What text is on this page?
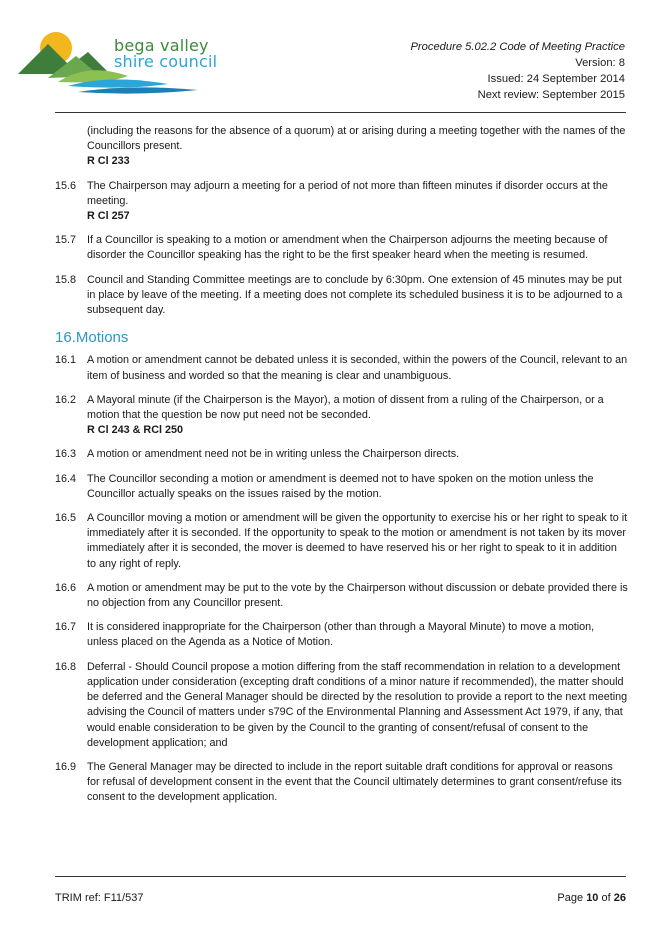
bega valley
shire council
Procedure 5.02.2 Code of Meeting Practice
Version: 8
Issued: 24 September 2014
Next review: September 2015
(including the reasons for the absence of a quorum) at or arising during a meeting together with the names of the Councillors present.
R Cl 233
15.6 The Chairperson may adjourn a meeting for a period of not more than fifteen minutes if disorder occurs at the meeting.
R Cl 257
15.7 If a Councillor is speaking to a motion or amendment when the Chairperson adjourns the meeting because of disorder the Councillor speaking has the right to be the first speaker heard when the meeting is resumed.
15.8 Council and Standing Committee meetings are to conclude by 6:30pm. One extension of 45 minutes may be put in place by leave of the meeting. If a meeting does not complete its scheduled business it is to be adjourned to a subsequent day.
16.Motions
16.1 A motion or amendment cannot be debated unless it is seconded, within the powers of the Council, relevant to an item of business and worded so that the meaning is clear and unambiguous.
16.2 A Mayoral minute (if the Chairperson is the Mayor), a motion of dissent from a ruling of the Chairperson, or a motion that the question be now put need not be seconded.
R Cl 243 & RCl 250
16.3 A motion or amendment need not be in writing unless the Chairperson directs.
16.4 The Councillor seconding a motion or amendment is deemed not to have spoken on the motion unless the Councillor actually speaks on the issues raised by the motion.
16.5 A Councillor moving a motion or amendment will be given the opportunity to exercise his or her right to speak to it immediately after it is seconded. If the opportunity to speak to the motion or amendment is not taken by its mover immediately after it is seconded, the mover is deemed to have reserved his or her right to speak to it in addition to any right of reply.
16.6 A motion or amendment may be put to the vote by the Chairperson without discussion or debate provided there is no objection from any Councillor present.
16.7 It is considered inappropriate for the Chairperson (other than through a Mayoral Minute) to move a motion, unless placed on the Agenda as a Notice of Motion.
16.8 Deferral - Should Council propose a motion differing from the staff recommendation in relation to a development application under consideration (excepting draft conditions of a minor nature if recommended), the matter should be deferred and the General Manager should be directed by the resolution to provide a report to the next meeting advising the Council of matters under s79C of the Environmental Planning and Assessment Act 1979, if any, that would enable consideration to be given by the Council to the granting of consent/refusal of consent to the development application; and
16.9 The General Manager may be directed to include in the report suitable draft conditions for approval or reasons for refusal of development consent in the event that the Council ultimately determines to grant consent/refuse its consent to the development application.
TRIM ref: F11/537	Page 10 of 26
